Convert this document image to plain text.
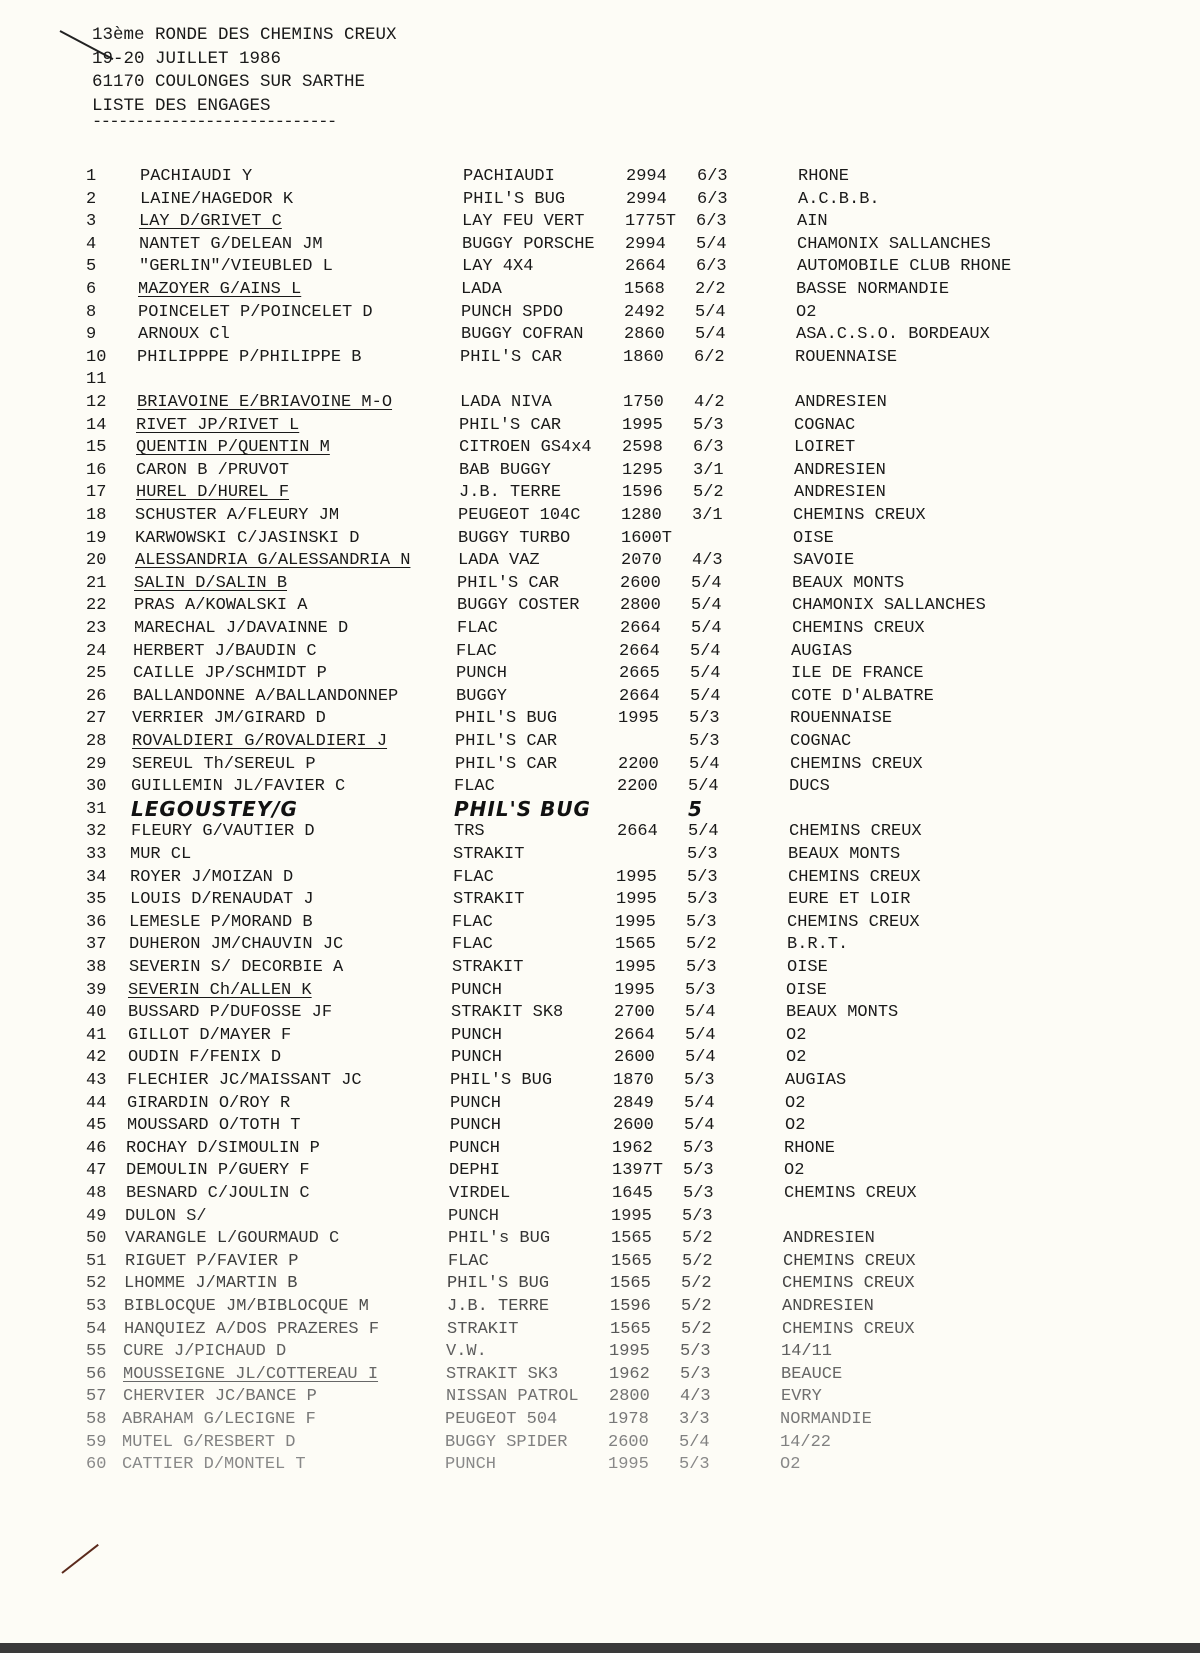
13ème RONDE DES CHEMINS CREUX
19-20 JUILLET 1986
61170 COULONGES SUR SARTHE
LISTE DES ENGAGES
----------------------------
1	PACHIAUDI Y	PACHIAUDI	2994 6/3	RHONE
2	LAINE/HAGEDOR K	PHIL'S BUG	2994 6/3	A.C.B.B.
3	LAY D/GRIVET C	LAY FEU VERT 1775T 6/3	AIN
4	NANTET G/DELEAN JM	BUGGY PORSCHE 2994 5/4	CHAMONIX SALLANCHES
5	"GERLIN"/VIEUBLED L	LAY 4X4	2664 6/3	AUTOMOBILE CLUB RHONE
6 MAZOYER G/AINS L	LADA	1568 2/2	BASSE NORMANDIE
8 POINCELET P/POINCELET D	PUNCH SPDO	2492 5/4	O2
9 ARNOUX Cl	BUGGY COFRAN 2860 5/4	ASA.C.S.O. BORDEAUX
10 PHILIPPPE P/PHILIPPE B	PHIL'S CAR	1860 6/2	ROUENNAISE
11
12 BRIAVOINE E/BRIAVOINE M-O	LADA NIVA	1750 4/2	ANDRESIEN
14 RIVET JP/RIVET L	PHIL'S CAR	1995 5/3	COGNAC
15 QUENTIN P/QUENTIN M	CITROEN GS4x4 2598 6/3	LOIRET
16 CARON B /PRUVOT	BAB BUGGY	1295 3/1	ANDRESIEN
17 HUREL D/HUREL F	J.B. TERRE	1596 5/2	ANDRESIEN
18 SCHUSTER A/FLEURY JM	PEUGEOT 104C 1280 3/1	CHEMINS CREUX
19 KARWOWSKI C/JASINSKI D	BUGGY TURBO	1600T	OISE
20 ALESSANDRIA G/ALESSANDRIA N	LADA VAZ	2070 4/3	SAVOIE
21 SALIN D/SALIN B	PHIL'S CAR	2600 5/4	BEAUX MONTS
22 PRAS A/KOWALSKI A	BUGGY COSTER 2800 5/4	CHAMONIX SALLANCHES
23 MARECHAL J/DAVAINNE D	FLAC	2664 5/4	CHEMINS CREUX
24 HERBERT J/BAUDIN C	FLAC	2664 5/4	AUGIAS
25 CAILLE JP/SCHMIDT P	PUNCH	2665 5/4	ILE DE FRANCE
26 BALLANDONNE A/BALLANDONNEP	BUGGY	2664 5/4	COTE D'ALBATRE
27 VERRIER JM/GIRARD D	PHIL'S BUG	1995 5/3	ROUENNAISE
28 ROVALDIERI G/ROVALDIERI J	PHIL'S CAR	5/3	COGNAC
29 SEREUL Th/SEREUL P	PHIL'S CAR	2200 5/4	CHEMINS CREUX
30 GUILLEMIN JL/FAVIER C	FLAC	2200 5/4	DUCS
31 LEGOUSTEY/G	PHIL'S BUG	5
32 FLEURY G/VAUTIER D	TRS	2664 5/4	CHEMINS CREUX
33 MUR CL	STRAKIT	5/3	BEAUX MONTS
34 ROYER J/MOIZAN D	FLAC	1995 5/3	CHEMINS CREUX
35 LOUIS D/RENAUDAT J	STRAKIT	1995 5/3	EURE ET LOIR
36 LEMESLE P/MORAND B	FLAC	1995 5/3	CHEMINS CREUX
37 DUHERON JM/CHAUVIN JC	FLAC	1565 5/2	B.R.T.
38 SEVERIN S/ DECORBIE A	STRAKIT	1995 5/3	OISE
39 SEVERIN Ch/ALLEN K	PUNCH	1995 5/3	OISE
40 BUSSARD P/DUFOSSE JF	STRAKIT SK8	2700 5/4	BEAUX MONTS
41 GILLOT D/MAYER F	PUNCH	2664 5/4	O2
42 OUDIN F/FENIX D	PUNCH	2600 5/4	O2
43 FLECHIER JC/MAISSANT JC	PHIL'S BUG	1870 5/3	AUGIAS
44 GIRARDIN O/ROY R	PUNCH	2849 5/4	O2
45 MOUSSARD O/TOTH T	PUNCH	2600 5/4	O2
46 ROCHAY D/SIMOULIN P	PUNCH	1962 5/3	RHONE
47 DEMOULIN P/GUERY F	DEPHI	1397T 5/3	O2
48 BESNARD C/JOULIN C	VIRDEL	1645 5/3	CHEMINS CREUX
49 DULON S/	PUNCH	1995 5/3
50 VARANGLE L/GOURMAUD C	PHIL's BUG	1565 5/2	ANDRESIEN
51 RIGUET P/FAVIER P	FLAC	1565 5/2	CHEMINS CREUX
52 LHOMME J/MARTIN B	PHIL'S BUG	1565 5/2	CHEMINS CREUX
53 BIBLOCQUE JM/BIBLOCQUE M	J.B. TERRE	1596 5/2	ANDRESIEN
54 HANQUIEZ A/DOS PRAZERES F	STRAKIT	1565 5/2	CHEMINS CREUX
55 CURE J/PICHAUD D	V.W.	1995 5/3	14/11
56 MOUSSEIGNE JL/COTTEREAU I	STRAKIT SK3	1962 5/3	BEAUCE
57 CHERVIER JC/BANCE P	NISSAN PATROL 2800 4/3	EVRY
58 ABRAHAM G/LECIGNE F	PEUGEOT 504	1978 3/3	NORMANDIE
59 MUTEL G/RESBERT D	BUGGY SPIDER 2600 5/4	14/22
60 CATTIER D/MONTEL T	PUNCH	1995 5/3	O2
